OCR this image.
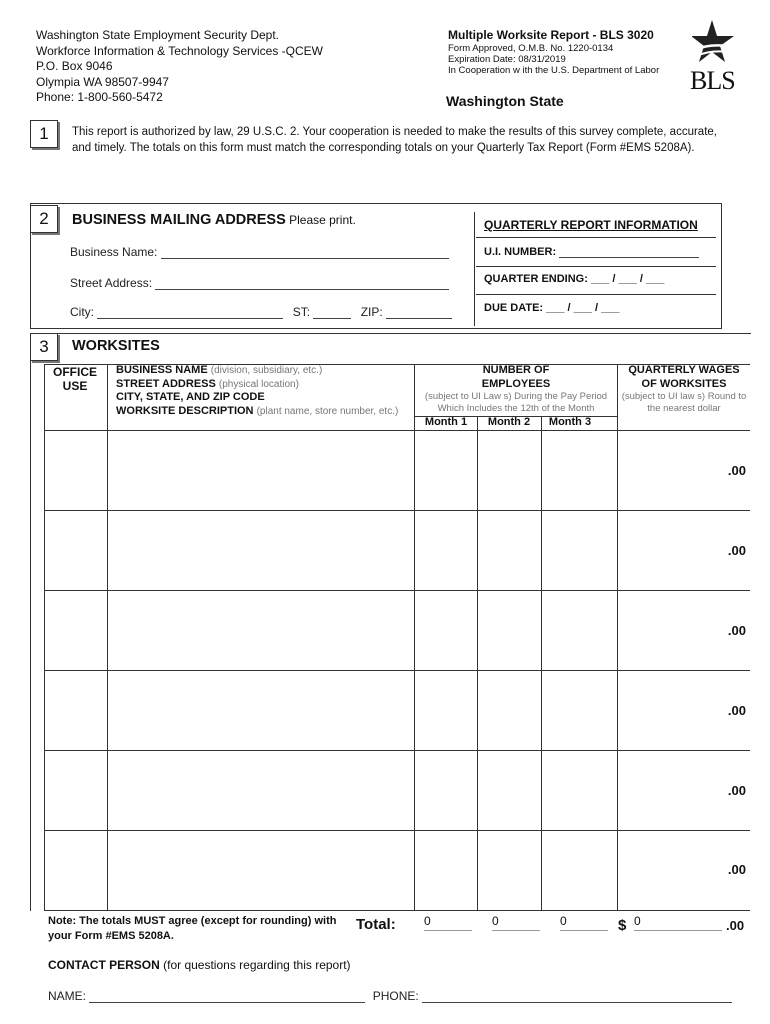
Washington State Employment Security Dept.
Workforce Information & Technology Services -QCEW
P.O. Box 9046
Olympia WA 98507-9947
Phone: 1-800-560-5472
Multiple Worksite Report - BLS 3020
Form Approved, O.M.B. No. 1220-0134
Expiration Date: 08/31/2019
In Cooperation w ith the U.S. Department of Labor
Washington State
BLS
1	This report is authorized by law, 29 U.S.C. 2. Your cooperation is needed to make the results of this survey complete, accurate, and timely. The totals on this form must match the corresponding totals on your Quarterly Tax Report (Form #EMS 5208A).
2	BUSINESS MAILING ADDRESS Please print.
Business Name:
Street Address:
City:	ST:	ZIP:
QUARTERLY REPORT INFORMATION
U.I. NUMBER:
QUARTER ENDING: ___ / ___ / ___
DUE DATE: ___ / ___ / ___
3	WORKSITES
OFFICE USE
BUSINESS NAME (division, subsidiary, etc.)
STREET ADDRESS (physical location)
CITY, STATE, AND ZIP CODE
WORKSITE DESCRIPTION (plant name, store number, etc.)
NUMBER OF EMPLOYEES
(subject to UI Law s) During the Pay Period Which Includes the 12th of the Month
QUARTERLY WAGES OF WORKSITES
(subject to UI law s) Round to the nearest dollar
Month 1	Month 2	Month 3
.00
.00
.00
.00
.00
.00
Note: The totals MUST agree (except for rounding) with your Form #EMS 5208A.
Total: 0	0	0	$ 0	.00
CONTACT PERSON (for questions regarding this report)
NAME:	PHONE:
